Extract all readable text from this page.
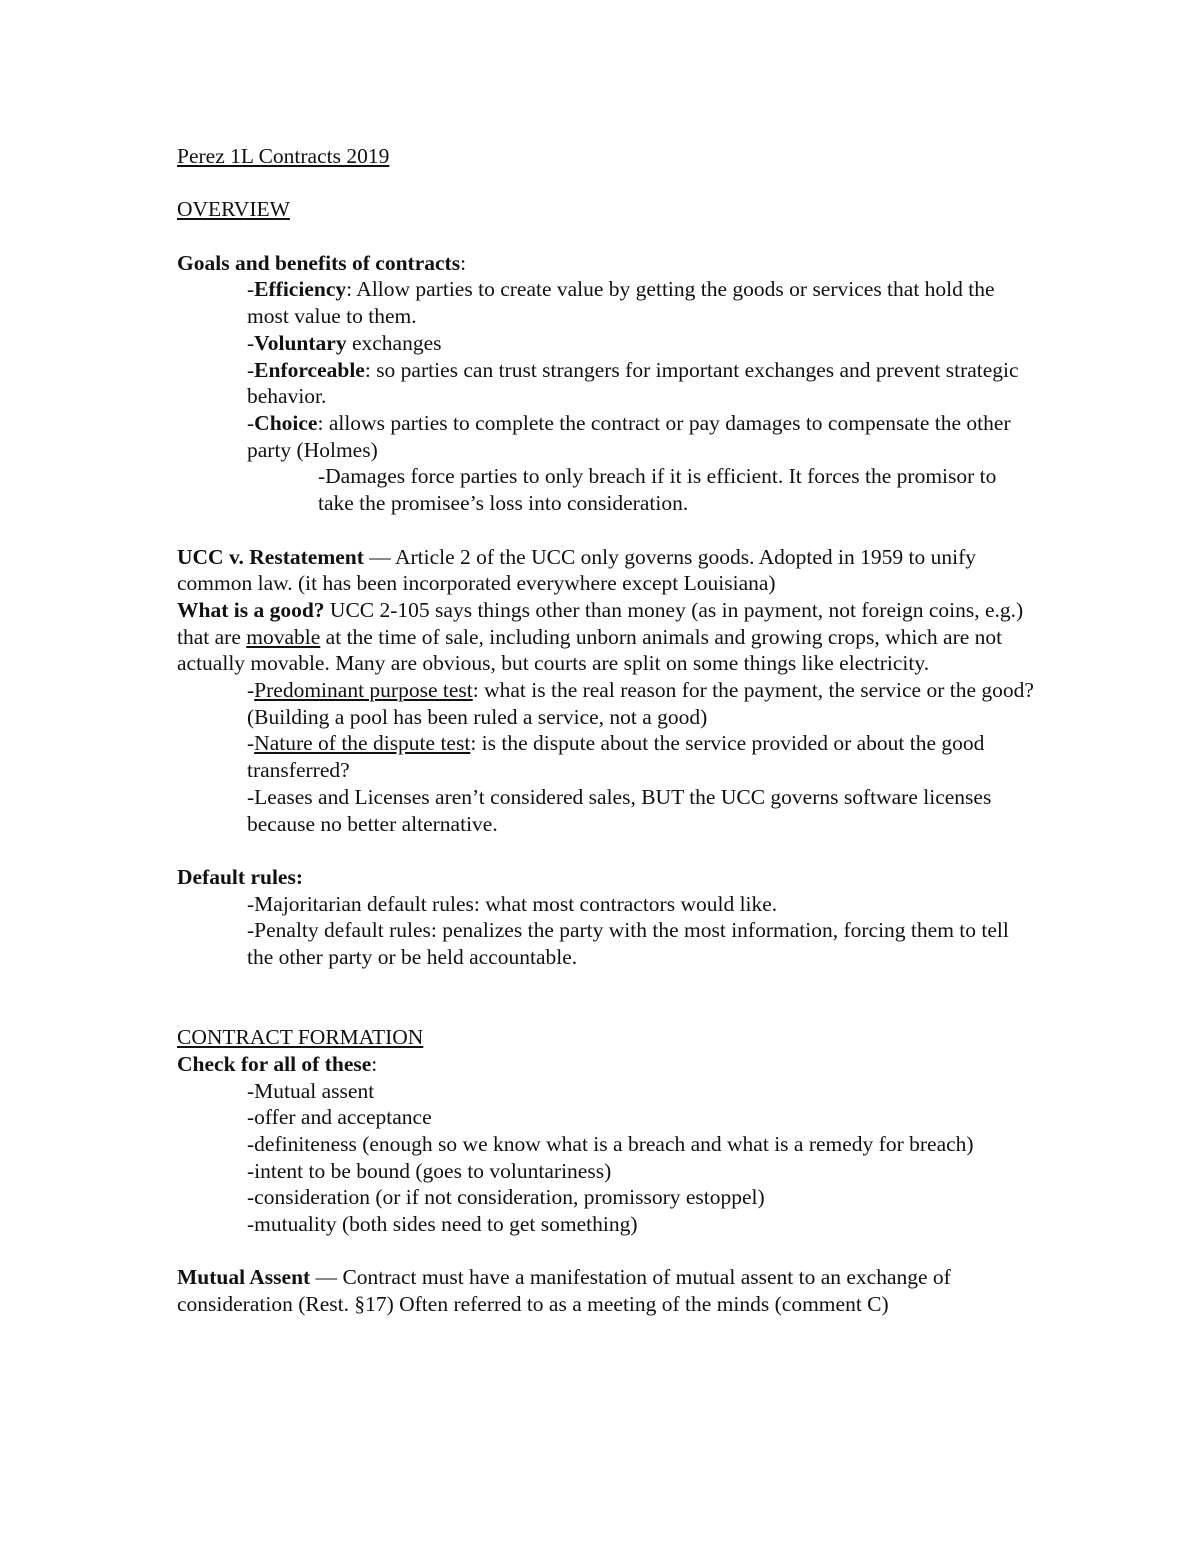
Perez 1L Contracts 2019

OVERVIEW

Goals and benefits of contracts:

-Efficiency: Allow parties to create value by getting the goods or services that hold the most value to them.

-Voluntary exchanges

-Enforceable: so parties can trust strangers for important exchanges and prevent strategic behavior.

-Choice: allows parties to complete the contract or pay damages to compensate the other party (Holmes)

-Damages force parties to only breach if it is efficient. It forces the promisor to take the promisee’s loss into consideration.

UCC v. Restatement — Article 2 of the UCC only governs goods. Adopted in 1959 to unify common law. (it has been incorporated everywhere except Louisiana)

What is a good? UCC 2-105 says things other than money (as in payment, not foreign coins, e.g.) that are movable at the time of sale, including unborn animals and growing crops, which are not actually movable. Many are obvious, but courts are split on some things like electricity.

-Predominant purpose test: what is the real reason for the payment, the service or the good? (Building a pool has been ruled a service, not a good)

-Nature of the dispute test: is the dispute about the service provided or about the good transferred?

-Leases and Licenses aren’t considered sales, BUT the UCC governs software licenses because no better alternative.

Default rules:

-Majoritarian default rules: what most contractors would like.

-Penalty default rules: penalizes the party with the most information, forcing them to tell the other party or be held accountable.

CONTRACT FORMATION

Check for all of these:

-Mutual assent

-offer and acceptance

-definiteness (enough so we know what is a breach and what is a remedy for breach)

-intent to be bound (goes to voluntariness)

-consideration (or if not consideration, promissory estoppel)

-mutuality (both sides need to get something)

Mutual Assent — Contract must have a manifestation of mutual assent to an exchange of consideration (Rest. §17) Often referred to as a meeting of the minds (comment C)
